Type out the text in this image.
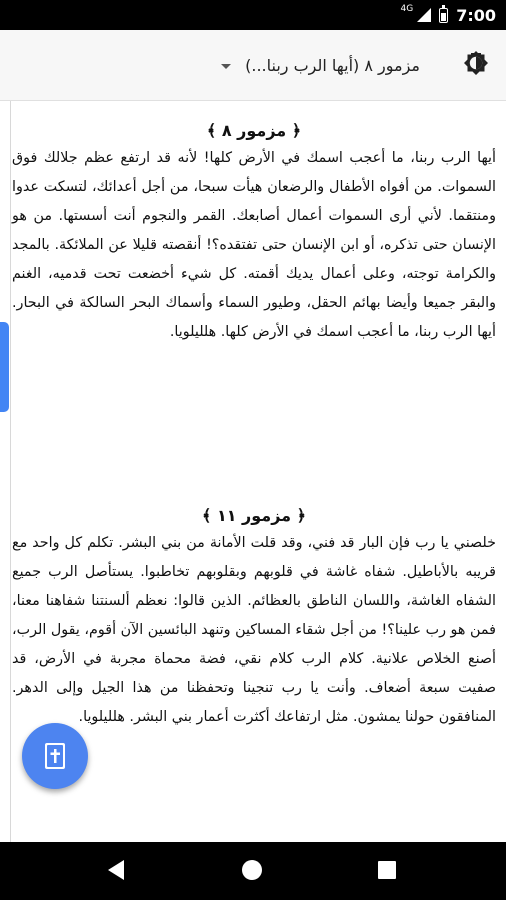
4G	7:00
مزمور ٨ (أيها الرب ربنا...)

﴿ مزمور ٨ ﴾

أيها الرب ربنا، ما أعجب اسمك في الأرض كلها! لأنه قد ارتفع عظم جلالك فوق السموات. من أفواه الأطفال والرضعان هيأت سبحا، من أجل أعدائك، لتسكت عدوا ومنتقما. لأني أرى السموات أعمال أصابعك. القمر والنجوم أنت أسستها. من هو الإنسان حتى تذكره، أو ابن الإنسان حتى تفتقده؟! أنقصته قليلا عن الملائكة. بالمجد والكرامة توجته، وعلى أعمال يديك أقمته. كل شيء أخضعت تحت قدميه، الغنم والبقر جميعا وأيضا بهائم الحقل، وطيور السماء وأسماك البحر السالكة في البحار. أيها الرب ربنا، ما أعجب اسمك في الأرض كلها. هلليلويا.

﴿ مزمور ١١ ﴾

خلصني يا رب فإن البار قد فني، وقد قلت الأمانة من بني البشر. تكلم كل واحد مع قريبه بالأباطيل. شفاه غاشة في قلوبهم وبقلوبهم تخاطبوا. يستأصل الرب جميع الشفاه الغاشة، واللسان الناطق بالعظائم. الذين قالوا: نعظم ألسنتنا شفاهنا معنا، فمن هو رب علينا؟! من أجل شقاء المساكين وتنهد البائسين الآن أقوم، يقول الرب، أصنع الخلاص علانية. كلام الرب كلام نقي، فضة محماة مجربة في الأرض، قد صفيت سبعة أضعاف. وأنت يا رب تنجينا وتحفظنا من هذا الجيل وإلى الدهر. المنافقون حولنا يمشون. مثل ارتفاعك أكثرت أعمار بني البشر. هلليلويا.
